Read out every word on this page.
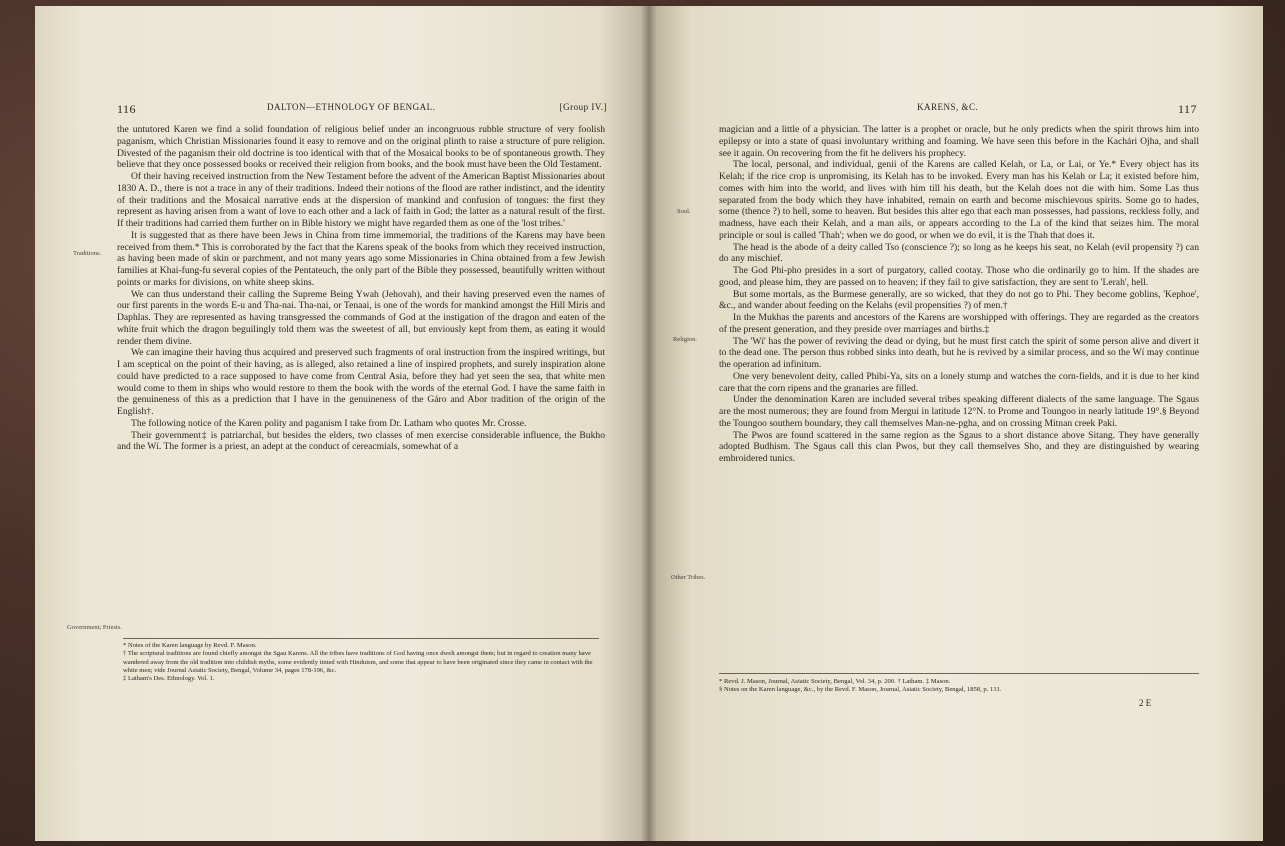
116	DALTON—ETHNOLOGY OF BENGAL.	[Group IV.]

the untutored Karen we find a solid foundation of religious belief under an incongruous rubble structure of very foolish paganism, which Christian Missionaries found it easy to remove and on the original plinth to raise a structure of pure religion. Divested of the paganism their old doctrine is too identical with that of the Mosaical books to be of spontaneous growth. They believe that they once possessed books or received their religion from books, and the book must have been the Old Testament.

Of their having received instruction from the New Testament before the advent of the American Baptist Missionaries about 1830 A. D., there is not a trace in any of their traditions. Indeed their notions of the flood are rather indistinct, and the identity of their traditions and the Mosaical narrative ends at the dispersion of mankind and confusion of tongues: the first they represent as having arisen from a want of love to each other and a lack of faith in God; the latter as a natural result of the first. If their traditions had carried them further on in Bible history we might have regarded them as one of the 'lost tribes.'

It is suggested that as there have been Jews in China from time immemorial, the traditions of the Karens may have been received from them.* This is corroborated by the fact that the Karens speak of the books from which they received instruction, as having been made of skin or parchment, and not many years ago some Missionaries in China obtained from a few Jewish families at Khai-fung-fu several copies of the Pentateuch, the only part of the Bible they possessed, beautifully written without points or marks for divisions, on white sheep skins.

We can thus understand their calling the Supreme Being Ywah (Jehovah), and their having preserved even the names of our first parents in the words E-u and Tha-nai. Tha-nai, or Tenaai, is one of the words for mankind amongst the Hill Miris and Daphlas. They are represented as having transgressed the commands of God at the instigation of the dragon and eaten of the white fruit which the dragon beguilingly told them was the sweetest of all, but enviously kept from them, as eating it would render them divine.

We can imagine their having thus acquired and preserved such fragments of oral instruction from the inspired writings, but I am sceptical on the point of their having, as is alleged, also retained a line of inspired prophets, and surely inspiration alone could have predicted to a race supposed to have come from Central Asia, before they had yet seen the sea, that white men would come to them in ships who would restore to them the book with the words of the eternal God. I have the same faith in the genuineness of this as a prediction that I have in the genuineness of the Gáro and Abor tradition of the origin of the English†.

The following notice of the Karen polity and paganism I take from Dr. Latham who quotes Mr. Crosse.

Their government‡ is patriarchal, but besides the elders, two classes of men exercise considerable influence, the Bukho and the Wí. The former is a priest, an adept at the conduct of cereacmials, somewhat of a

Traditions.
Government; Priests.
* Notes of the Karen language by Revd. F. Mason.
† The scriptural traditions are found chiefly amongst the Sgau Karens. All the tribes have traditions of God having once dwelt amongst them; but in regard to creation many have wandered away from the old tradition into childish myths, some evidently tinted with Hinduism, and some that appear to have been originated since they came in contact with the white men; vide Journal Asiatic Society, Bengal, Volume 34, pages 178-196, &c.
‡ Latham's Des. Ethnology. Vol. 1.
KARENS, &C.	117

magician and a little of a physician. The latter is a prophet or oracle, but he only predicts when the spirit throws him into epilepsy or into a state of quasi involuntary writhing and foaming. We have seen this before in the Kachári Ojha, and shall see it again. On recovering from the fit he delivers his prophecy.

The local, personal, and individual, genii of the Karens are called Kelah, or La, or Lai, or Ye.* Every object has its Kelah; if the rice crop is unpromising, its Kelah has to be invoked. Every man has his Kelah or La; it existed before him, comes with him into the world, and lives with him till his death, but the Kelah does not die with him. Some Las thus separated from the body which they have inhabited, remain on earth and become mischievous spirits. Some go to hades, some (thence ?) to hell, some to heaven. But besides this alter ego that each man possesses, had passions, reckless folly, and madness, have each their Kelah, and a man ails, or appears according to the La of the kind that seizes him. The moral principle or soul is called 'Thah'; when we do good, or when we do evil, it is the Thah that does it.

The head is the abode of a deity called Tso (conscience ?); so long as he keeps his seat, no Kelah (evil propensity ?) can do any mischief.

The God Phi-pho presides in a sort of purgatory, called cootay. Those who die ordinarily go to him. If the shades are good, and please him, they are passed on to heaven; if they fail to give satisfaction, they are sent to 'Lerah', hell.

But some mortals, as the Burmese generally, are so wicked, that they do not go to Phi. They become goblins, 'Kephoe', &c., and wander about feeding on the Kelahs (evil propensities ?) of men.†

In the Mukhas the parents and ancestors of the Karens are worshipped with offerings. They are regarded as the creators of the present generation, and they preside over marriages and births.‡

The 'Wí' has the power of reviving the dead or dying, but he must first catch the spirit of some person alive and divert it to the dead one. The person thus robbed sinks into death, but he is revived by a similar process, and so the Wí may continue the operation ad infinitum.

One very benevolent deity, called Phibi-Ya, sits on a lonely stump and watches the corn-fields, and it is due to her kind care that the corn ripens and the granaries are filled.

Under the denomination Karen are included several tribes speaking different dialects of the same language. The Sgaus are the most numerous; they are found from Mergui in latitude 12°N. to Prome and Toungoo in nearly latitude 19°.§ Beyond the Toungoo southern boundary, they call themselves Man-ne-pgha, and on crossing Mitnan creek Paki.

The Pwos are found scattered in the same region as the Sgaus to a short distance above Sitang. They have generally adopted Budhism. The Sgaus call this clan Pwos, but they call themselves Sho, and they are distinguished by wearing embroidered tunics.

Soul.
Religion.
Other Tribes.
* Revd. J. Mason, Journal, Asiatic Society, Bengal, Vol. 34, p. 200. † Latham. ‡ Mason.
§ Notes on the Karen language, &c., by the Revd. F. Mason, Journal, Asiatic Society, Bengal, 1858, p. 131.
2 E
